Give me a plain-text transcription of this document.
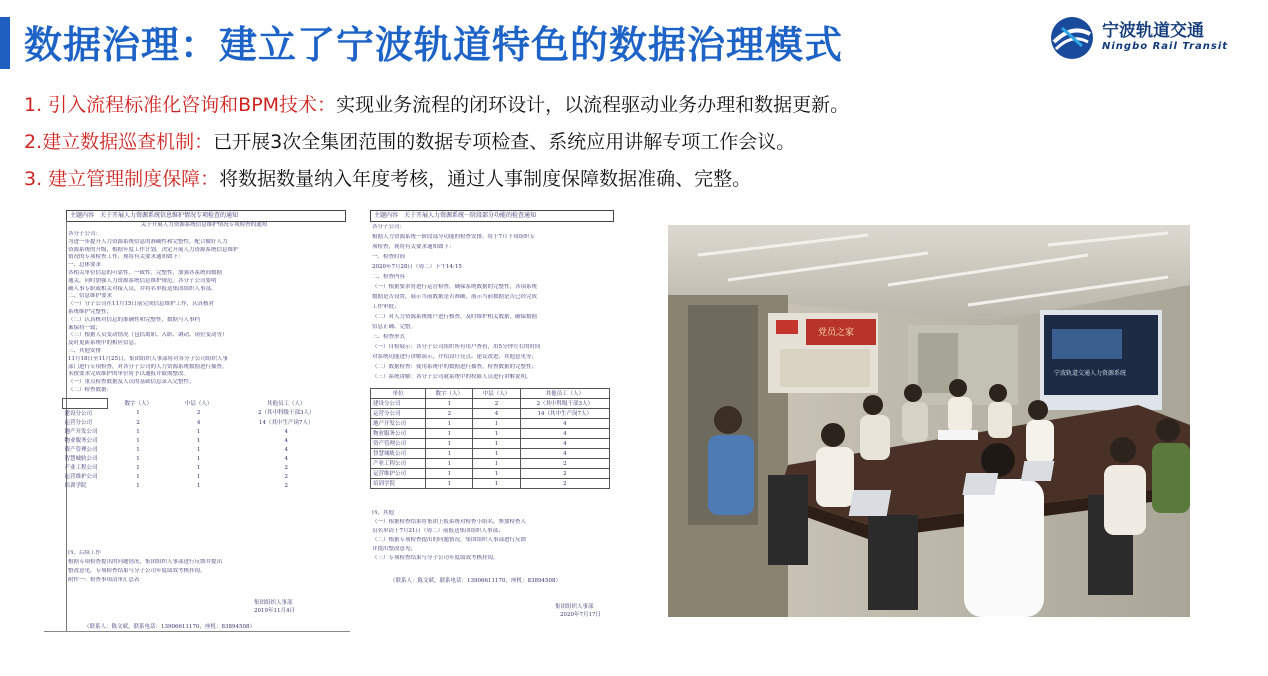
数据治理：建立了宁波轨道特色的数据治理模式	宁波轨道交通
Ningbo Rail Transit
1. 引入流程标准化咨询和BPM技术：实现业务流程的闭环设计，以流程驱动业务办理和数据更新。
2.建立数据巡查机制：已开展3次全集团范围的数据专项检查、系统应用讲解专项工作会议。
3. 建立管理制度保障：将数据数量纳入年度考核，通过人事制度保障数据准确、完整。
主题内容 关于开展人力资源系统信息维护情况专项检查的通知
关于开展人力资源系统信息维护情况专项检查的通知
各分子公司：
为进一步提升人力资源系统信息的准确性和完整性，配合做好人力
资源系统的升级，根据年度工作计划，决定开展人力资源系统信息维护
情况的专项检查工作，现将有关要求通知如下：
一、总体要求
各相关单位信息的可靠性、一致性、完整性，加强各系统间数据
通关，同时加强人力资源系统信息维护规范。各分子公司要明
确人事专职或相关对接人员，并将名单报送集团组织人事部。
二、信息维护要求
（一）分子公司在11月15日前完成信息维护工作，认真核对
系统维护完整性；
（二）认真核对信息的准确性和完整性，数据与人事档
案保持一致；
（三）根据人员变动情况（包括离职、入职、调动、岗位变动等）
及时更新系统中的相应信息。
三、其他安排
11月18日至11月25日，集团组织人事部将对各分子公司组织人事
部门进行专项检查，对各分子公司的人力资源系统数据进行抽查，
未按要求完成维护的单位将予以通报并限期整改。
（一）重点检查数据及人员的基础信息录入完整性；
（二）检查数据：
	数字（人）	中层（人）	其他员工（人）
建设分公司	1	2	2（其中科级干部3人）
运营分公司	2	4	14（其中生产岗7人）
地产开发公司	1	1	4
物业服务公司	1	1	4
资产管理公司	1	1	4
智慧城轨公司	1	1	4
产业工程公司	1	1	2
运营维护公司	1	1	2
培训学院	1	1	2
四、后续工作
根据专项检查提出的问题情况，集团组织人事部进行反馈并提出
整改意见，专项检查结果与分子公司年度绩效考核挂钩。
附件一：检查事项清单汇总表
集团组织人事部
2019年11月4日
（联系人：陈文斌，联系电话：13906611170，座机：83894508）
主题内容 关于开展人力资源系统一阶段部分功能的检查通知
各分子公司：
根据人力资源系统一阶段部分功能的检查安排，将于7月下旬组织专
项检查，现将有关要求通知如下：
一、检查时间
2020年7月28日（周二）下午14:15
二、检查内容
（一）根据要求将进行运营检查，确保系统数据的完整性，各项系统
数据是否设置，展示当前数据是否准确，展示当前数据是否已经完成
工作审批；
（二）对人力资源系统账户进行核查，及时维护相关数据，确保数据
信息正确、完整。
三、检查形式
（一）自检展示：各分子公司组织所有用户查看，用5分钟左右的时间
对系统功能进行讲解演示，介绍设计亮点、建议改进、其他意见等；
（二）数据检查：使用系统中的数据进行抽查，检查数据的完整性；
（三）系统讲解：各分子公司就系统中的权限人员进行讲解说明。
单位	数字（人）	中层（人）	其他员工（人）
建设分公司	1	2	2（其中科级干部3人）
运营分公司	2	4	14（其中生产岗7人）
地产开发公司	1	1	4
物业服务公司	1	1	4
资产管理公司	1	1	4
智慧城轨公司	1	1	4
产业工程公司	1	1	2
运营维护公司	1	1	2
培训学院	1	1	2
四、其他
（一）根据检查结果将集团上报系统对检查小组名，参加检查人
员名单请于7月21日（周二）前报送集团组织人事部；
（二）根据专项检查提出的问题情况，集团组织人事部进行反馈
并提出整改意见；
（三）专项检查结果与分子公司年度绩效考核挂钩。
（联系人：陈文斌，联系电话：13906611170，座机：83894508）
集团组织人事部
2020年7月17日
党员之家
宁波轨道交通人力资源系统
